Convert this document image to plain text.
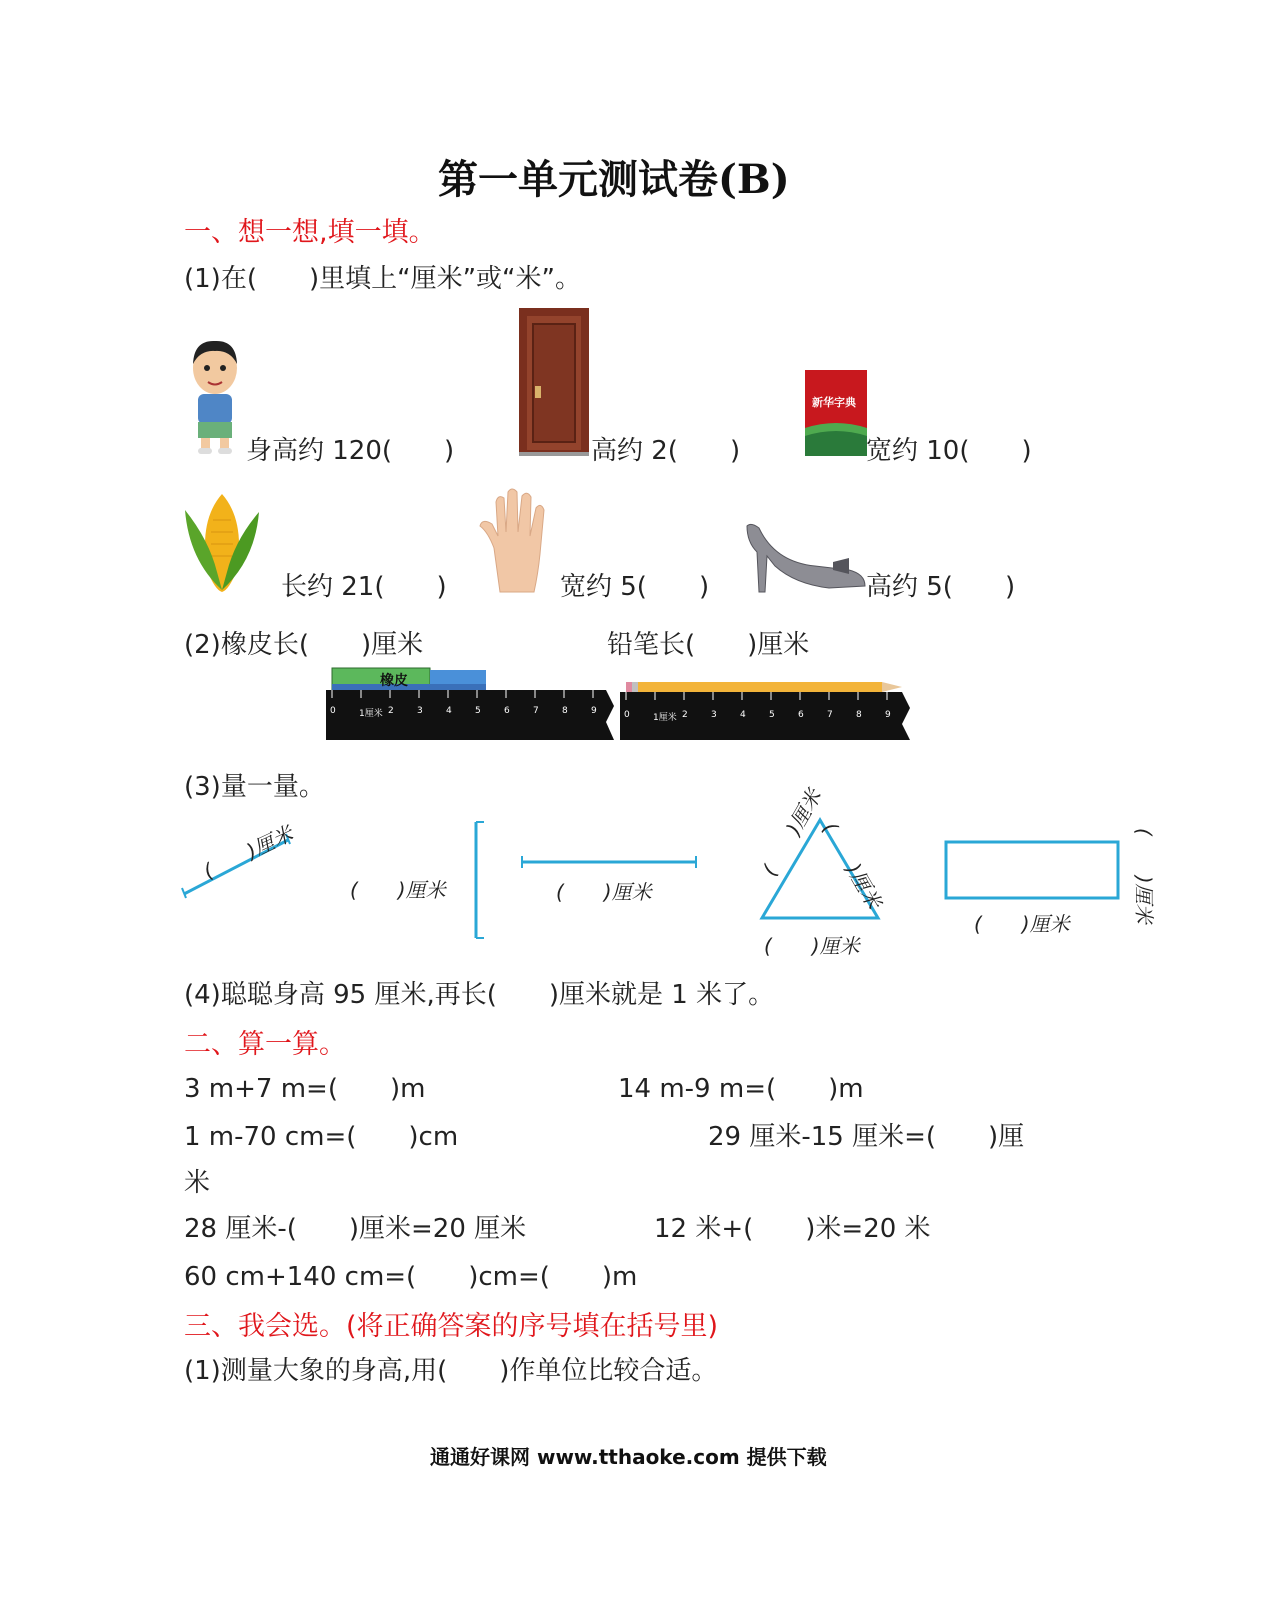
第一单元测试卷(B)
一、想一想,填一填。
(1)在(　　)里填上“厘米”或“米”。
身高约 120(　　)	高约 2(　　)
新华字典
宽约 10(　　)
长约 21(　　)	宽约 5(　　)	高约 5(　　)
(2)橡皮长(　　)厘米	铅笔长(　　)厘米
橡皮
0	1厘米 2	3	4	5	6	7	8	9	0	1厘米 2	3	4	5	6	7	8	9
(3)量一量。
(　　)厘米
(　　)厘米	(　　)厘米
(　　)厘米
(　　)厘米
(　　)厘米
(　　)厘米
(　　)厘米
(4)聪聪身高 95 厘米,再长(　　)厘米就是 1 米了。
二、算一算。
3 m+7 m=(　　)m	14 m-9 m=(　　)m
1 m-70 cm=(　　)cm	29 厘米-15 厘米=(　　)厘
米
28 厘米-(　　)厘米=20 厘米	12 米+(　　)米=20 米
60 cm+140 cm=(　　)cm=(　　)m
三、我会选。(将正确答案的序号填在括号里)
(1)测量大象的身高,用(　　)作单位比较合适。
通通好课网 www.tthaoke.com 提供下载
